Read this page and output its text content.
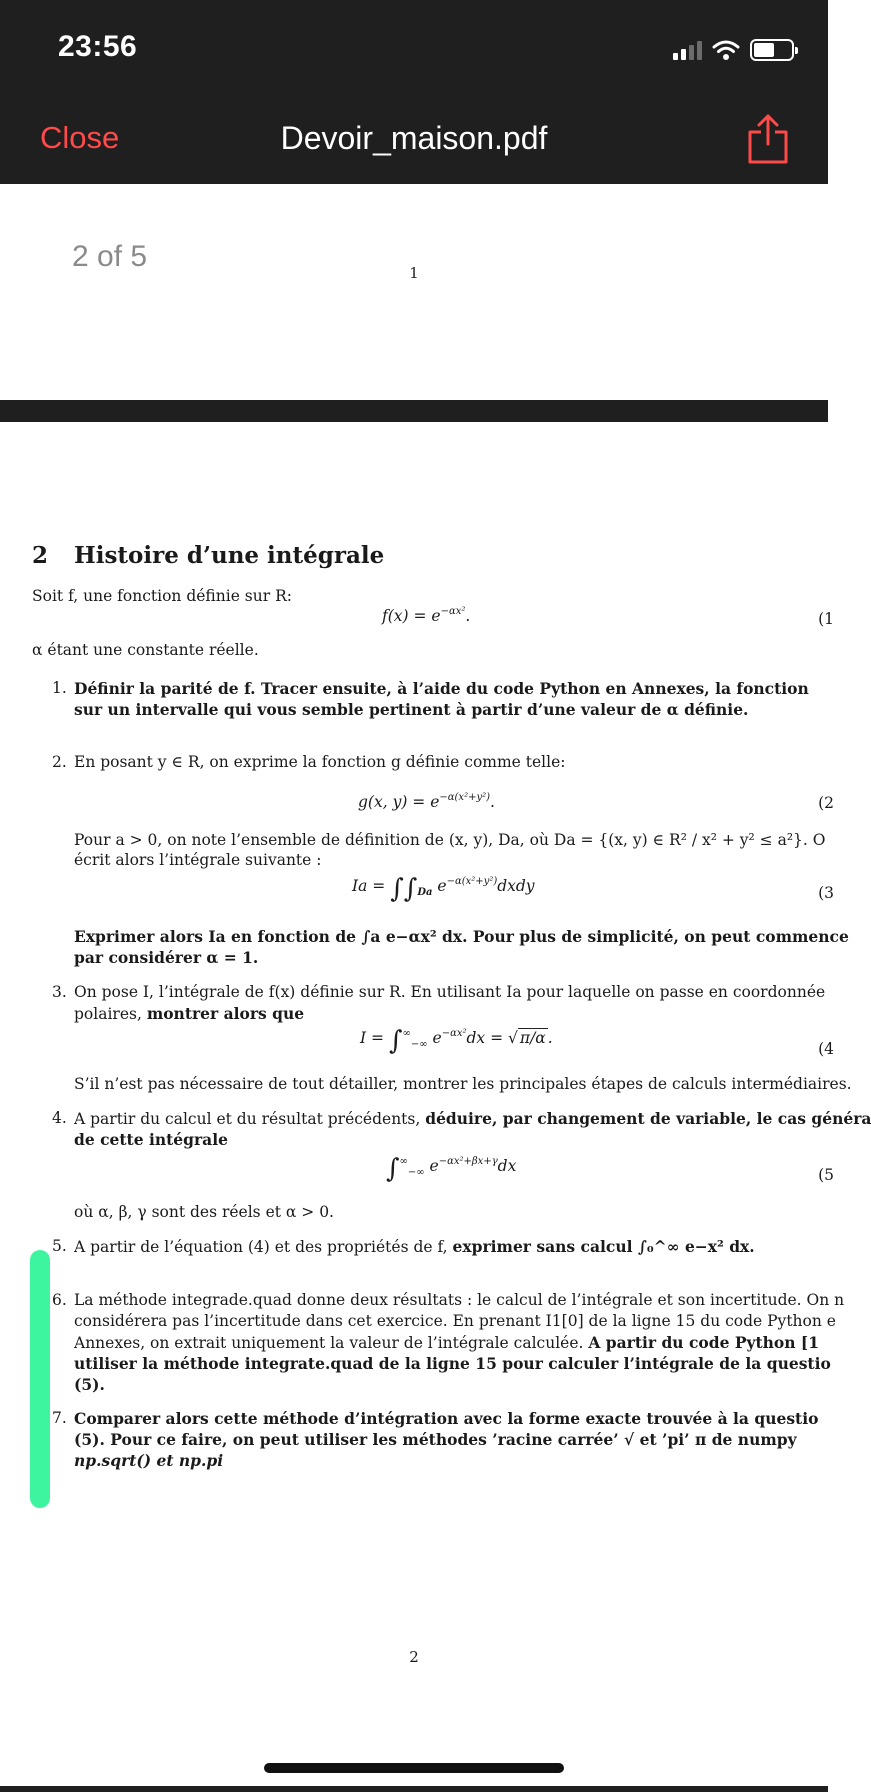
23:56
Close	Devoir_maison.pdf
2 of 5	1
2 Histoire d’une intégrale
Soit f, une fonction définie sur R:
$f(x) = e^{-\alpha x^2}$.	(1
α étant une constante réelle.
1. Définir la parité de f. Tracer ensuite, à l’aide du code Python en Annexes, la fonction
sur un intervalle qui vous semble pertinent à partir d’une valeur de α définie.
2. En posant y ∈ R, on exprime la fonction g définie comme telle:
g(x, $y) = e^{-\alpha(x^2+y^2)}$.	(2
Pour a > 0, on note l’ensemble de définition de (x, y), Da, où Da = {(x, y) ∈ R² / x² + y² ≤ a²}. O
écrit alors l’intégrale suivante :
$Ia = \int\int_{Da}$ $e^{-\alpha(x^2+y^2)}dxdy$	(3
Exprimer alors Ia en fonction de ∫a e−αx² dx. Pour plus de simplicité, on peut commence
par considérer α = 1.
3. On pose I, l’intégrale de f(x) définie sur R. En utilisant Ia pour laquelle on passe en coordonnée
polaires, montrer alors que
$I = \int^\infty_{-\infty}$ $e^{-\alpha x^2}dx$ = √ π/α .
(4
S’il n’est pas nécessaire de tout détailler, montrer les principales étapes de calculs intermédiaires.
4. A partir du calcul et du résultat précédents, déduire, par changement de variable, le cas généra
de cette intégrale
$\int^\infty_{-\infty}$ $e^{-\alpha x^2+\beta x+\gamma}dx$	(5
où α, β, γ sont des réels et α > 0.
5. A partir de l’équation (4) et des propriétés de f, exprimer sans calcul ∫₀^∞ e−x² dx.
6. La méthode integrade.quad donne deux résultats : le calcul de l’intégrale et son incertitude. On n
considérera pas l’incertitude dans cet exercice. En prenant I1[0] de la ligne 15 du code Python e
Annexes, on extrait uniquement la valeur de l’intégrale calculée. A partir du code Python [1
utiliser la méthode integrate.quad de la ligne 15 pour calculer l’intégrale de la questio
(5).
7. Comparer alors cette méthode d’intégration avec la forme exacte trouvée à la questio
(5). Pour ce faire, on peut utiliser les méthodes ’racine carrée’ √ et ’pi’ π de numpy
np.sqrt() et np.pi
2
